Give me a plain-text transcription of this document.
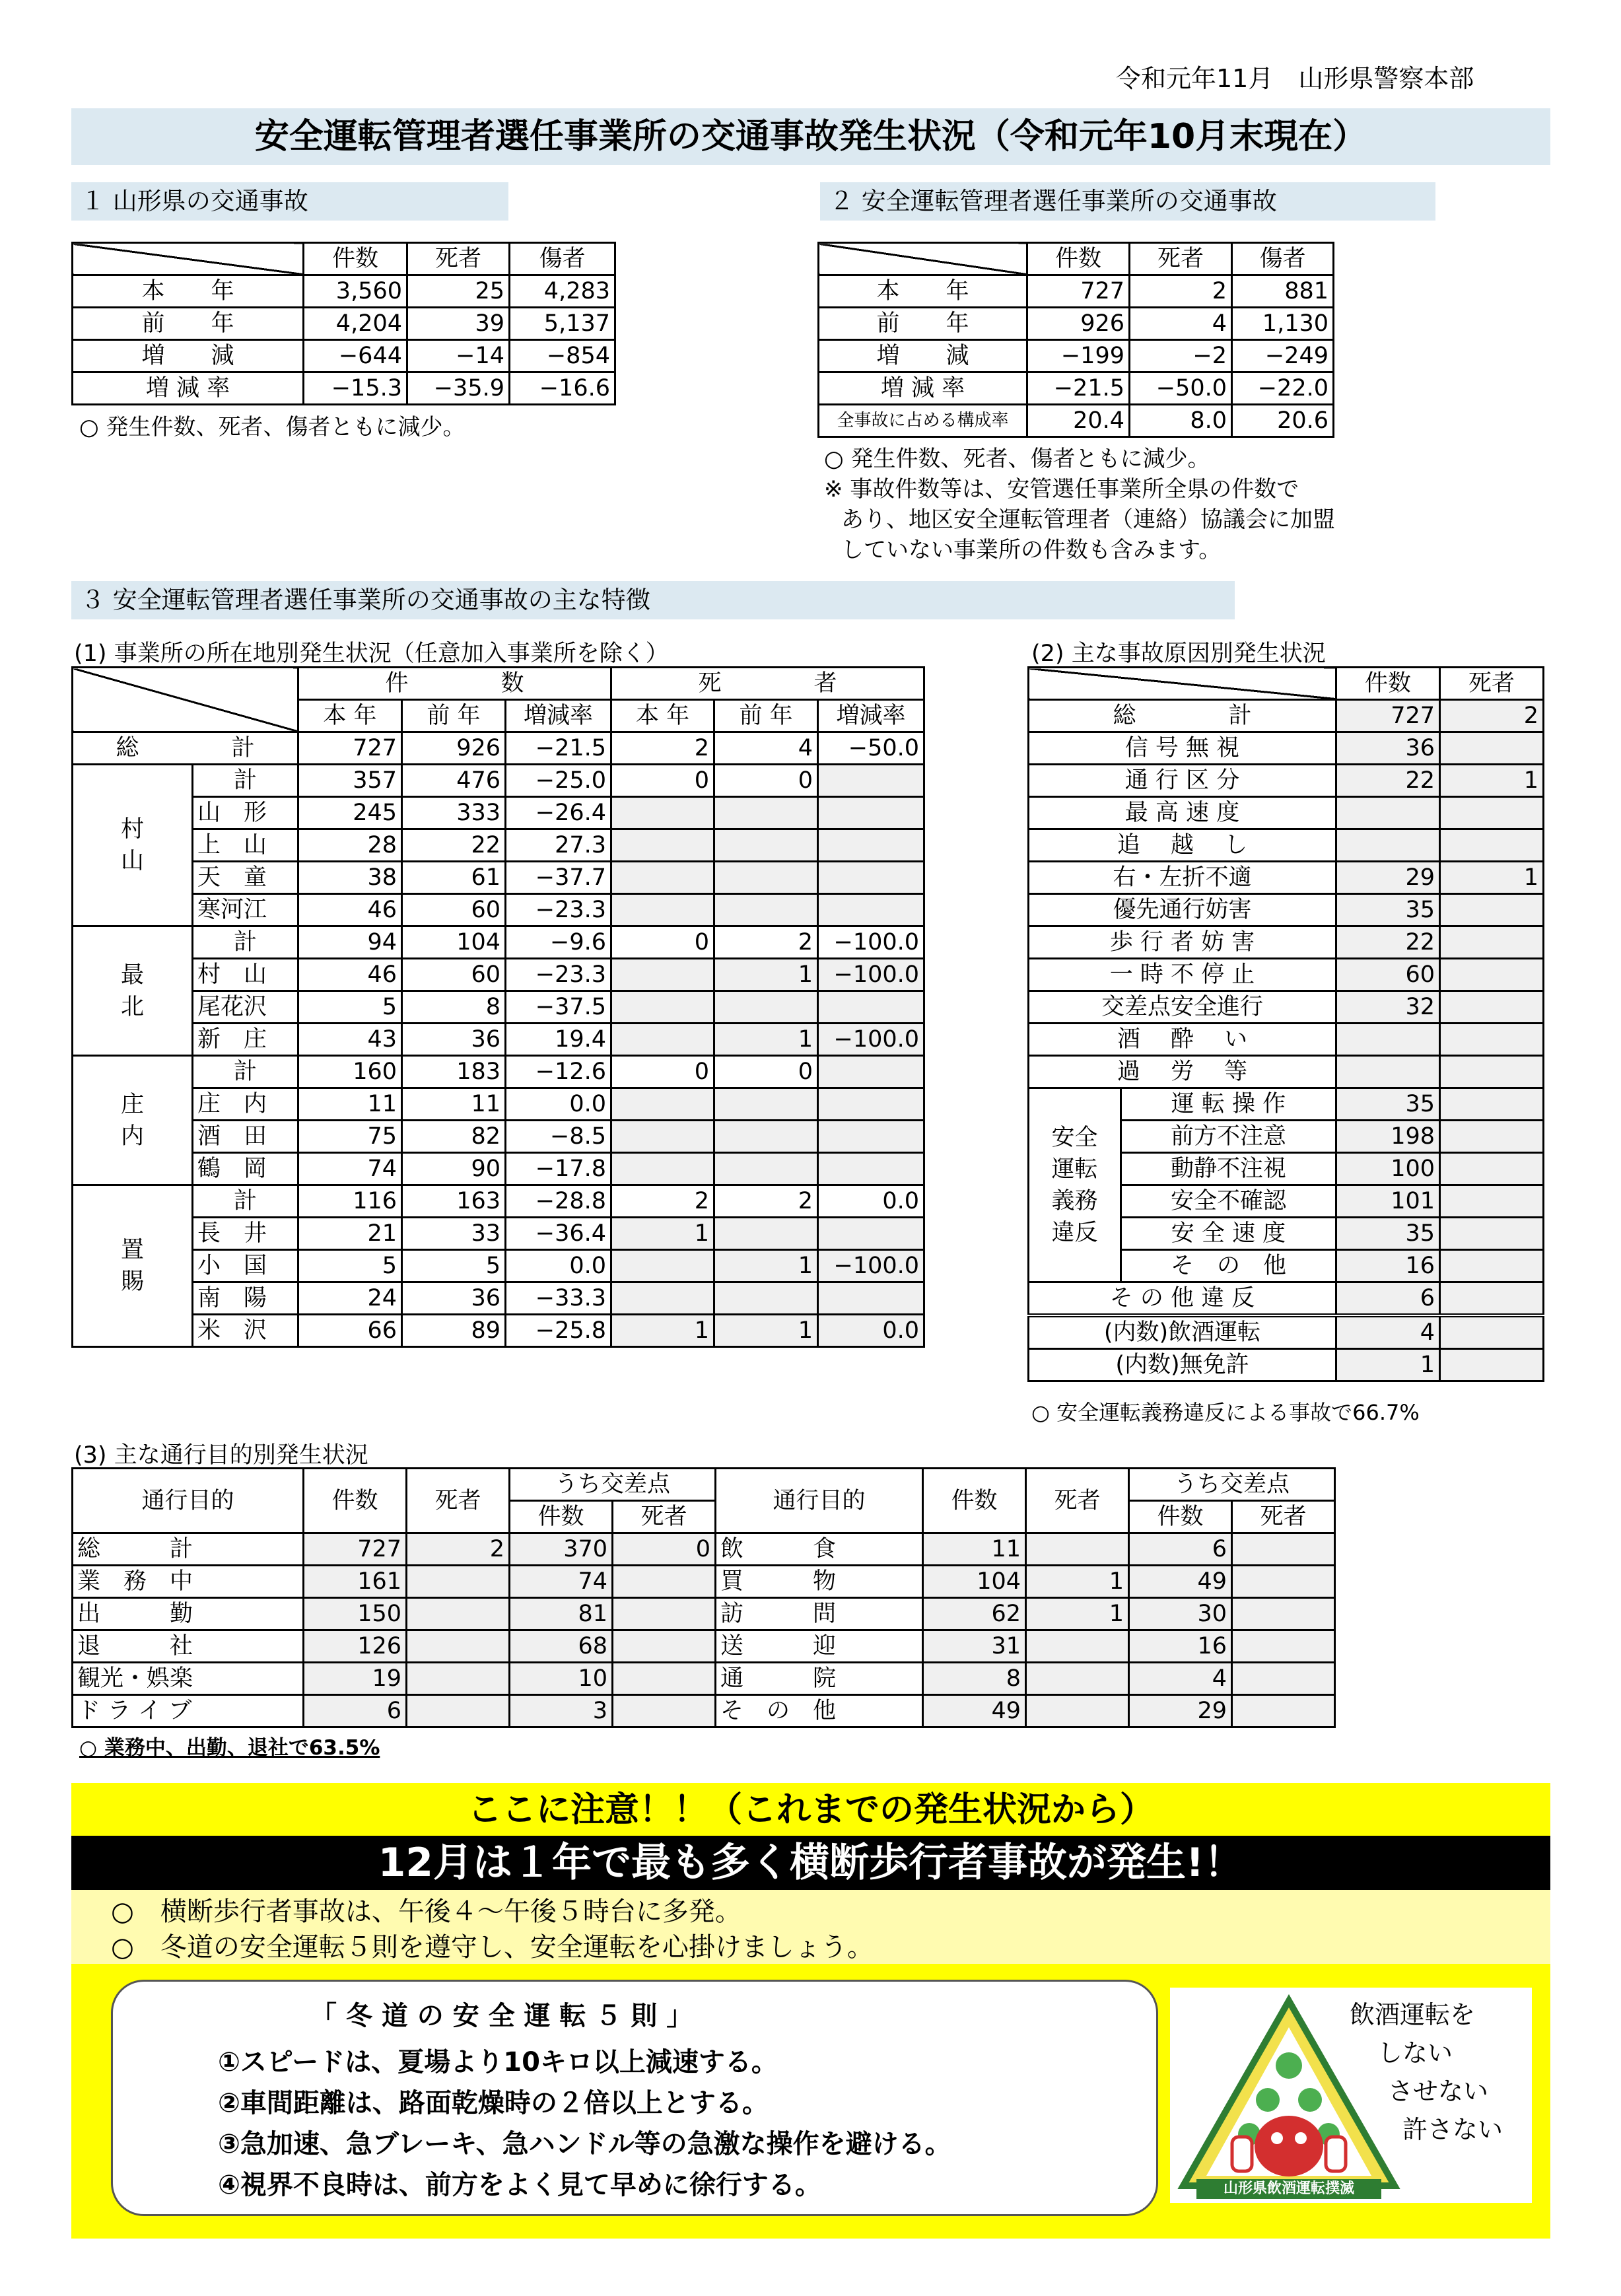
令和元年11月　山形県警察本部
安全運転管理者選任事業所の交通事故発生状況（令和元年10月末現在）
１ 山形県の交通事故
	件数	死者	傷者
本　　年	3,560	25	4,283
前　　年	4,204	39	5,137
増　　減	−644	−14	−854
増 減 率	−15.3	−35.9	−16.6
○ 発生件数、死者、傷者ともに減少。
２ 安全運転管理者選任事業所の交通事故
	件数	死者	傷者
本　　年	727	2	881
前　　年	926	4	1,130
増　　減	−199	−2	−249
増 減 率	−21.5	−50.0	−22.0
全事故に占める構成率	20.4	8.0	20.6
○ 発生件数、死者、傷者ともに減少。
※ 事故件数等は、安管選任事業所全県の件数で
あり、地区安全運転管理者（連絡）協議会に加盟
していない事業所の件数も含みます。
３ 安全運転管理者選任事業所の交通事故の主な特徴
(1) 事業所の所在地別発生状況（任意加入事業所を除く）
		件　　　　数			死　　　　者		
		本 年	前 年	増減率	本 年	前 年	増減率
総　　　　計		727	926	−21.5	2	4	−50.0
村山	計	357	476	−25.0	0	0	
	山　形	245	333	−26.4			
	上　山	28	22	27.3			
	天　童	38	61	−37.7			
	寒河江	46	60	−23.3			
最北	計	94	104	−9.6	0	2	−100.0
	村　山	46	60	−23.3		1	−100.0
	尾花沢	5	8	−37.5			
	新　庄	43	36	19.4		1	−100.0
庄内	計	160	183	−12.6	0	0	
	庄　内	11	11	0.0			
	酒　田	75	82	−8.5			
	鶴　岡	74	90	−17.8			
置賜	計	116	163	−28.8	2	2	0.0
	長　井	21	33	−36.4	1		
	小　国	5	5	0.0		1	−100.0
	南　陽	24	36	−33.3			
	米　沢	66	89	−25.8	1	1	0.0
(2) 主な事故原因別発生状況
		件数	死者
総　　　　計		727	2
信 号 無 視		36	
通 行 区 分		22	1
最 高 速 度			
追　 越　 し			
右・左折不適		29	1
優先通行妨害		35	
歩 行 者 妨 害		22	
一 時 不 停 止		60	
交差点安全進行		32	
酒　 酔　 い			
過　 労　 等			
安全運転義務違反	運 転 操 作	35	
	前方不注意	198	
	動静不注視	100	
	安全不確認	101	
	安 全 速 度	35	
	そ　の　他	16	
そ の 他 違 反		6	
(内数)飲酒運転		4	
(内数)無免許		1	
○ 安全運転義務違反による事故で66.7%
(3) 主な通行目的別発生状況
通行目的	件数	死者	うち交差点		通行目的	件数	死者	うち交差点	
			件数	死者				件数	死者
総　　　計	727	2	370	0	飲　　　食	11		6	
業　務　中	161		74		買　　　物	104	1	49	
出　　　勤	150		81		訪　　　問	62	1	30	
退　　　社	126		68		送　　　迎	31		16	
観光・娯楽	19		10		通　　　院	8		4	
ド ラ イ ブ	6		3		そ　の　他	49		29	
○ 業務中、出勤、退社で63.5%
ここに注意！！（これまでの発生状況から）
12月は１年で最も多く横断歩行者事故が発生!！
○　横断歩行者事故は、午後４～午後５時台に多発。
○　冬道の安全運転５則を遵守し、安全運転を心掛けましょう。
「 冬 道 の 安 全 運 転 ５ 則 」
①スピードは、夏場より10キロ以上減速する。
②車間距離は、路面乾燥時の２倍以上とする。
③急加速、急ブレーキ、急ハンドル等の急激な操作を避ける。
④視界不良時は、前方をよく見て早めに徐行する。	山形県飲酒運転撲滅
飲酒運転を
しない
させない
許さない
